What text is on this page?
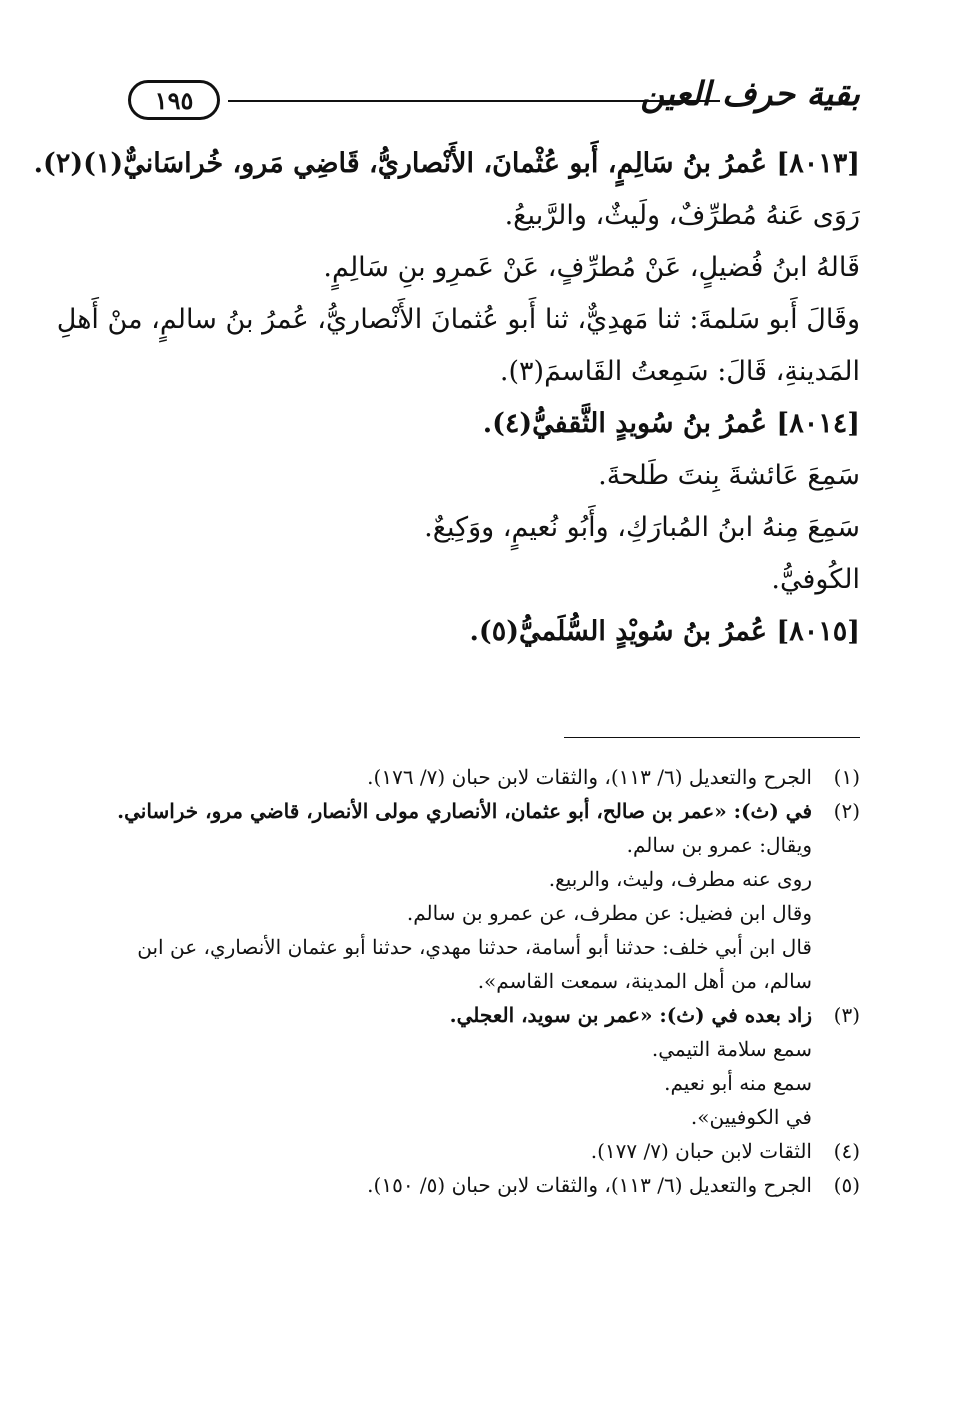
١٩٥	بقية حرف العين
[٨٠١٣] عُمرُ بنُ سَالِمٍ، أَبو عُثْمانَ، الأَنْصاريُّ، قَاضِي مَرو، خُراسَانيٌّ(١)(٢).
رَوَى عَنهُ مُطرِّفٌ، ولَيثٌ، والرَّبيعُ.
قَالهُ ابنُ فُضيلٍ، عَنْ مُطرِّفٍ، عَنْ عَمرِو بنِ سَالِمٍ.
وقَالَ أَبو سَلمةَ: ثنا مَهدِيٌّ، ثنا أَبو عُثمانَ الأَنْصاريُّ، عُمرُ بنُ سالمٍ، منْ أَهلِ
المَدينةِ، قَالَ: سَمِعتُ القَاسمَ(٣).
[٨٠١٤] عُمرُ بنُ سُويدٍ الثَّقفيُّ(٤).
سَمِعَ عَائشةَ بِنتَ طَلحةَ.
سَمِعَ مِنهُ ابنُ المُبارَكِ، وأَبُو نُعيمٍ، ووَكِيعٌ.
الكُوفيُّ.
[٨٠١٥] عُمرُ بنُ سُويْدٍ السُّلَميُّ(٥).
(١)
الجرح والتعديل (٦/ ١١٣)، والثقات لابن حبان (٧/ ١٧٦).
(٢)
في (ث): «عمر بن صالح، أبو عثمان، الأنصاري مولى الأنصار، قاضي مرو، خراساني.
ويقال: عمرو بن سالم.
روى عنه مطرف، وليث، والربيع.
وقال ابن فضيل: عن مطرف، عن عمرو بن سالم.
قال ابن أبي خلف: حدثنا أبو أسامة، حدثنا مهدي، حدثنا أبو عثمان الأنصاري، عن ابن
سالم، من أهل المدينة، سمعت القاسم».
(٣)
زاد بعده في (ث): «عمر بن سويد، العجلي.
سمع سلامة التيمي.
سمع منه أبو نعيم.
في الكوفيين».
(٤)
الثقات لابن حبان (٧/ ١٧٧).
(٥)
الجرح والتعديل (٦/ ١١٣)، والثقات لابن حبان (٥/ ١٥٠).
